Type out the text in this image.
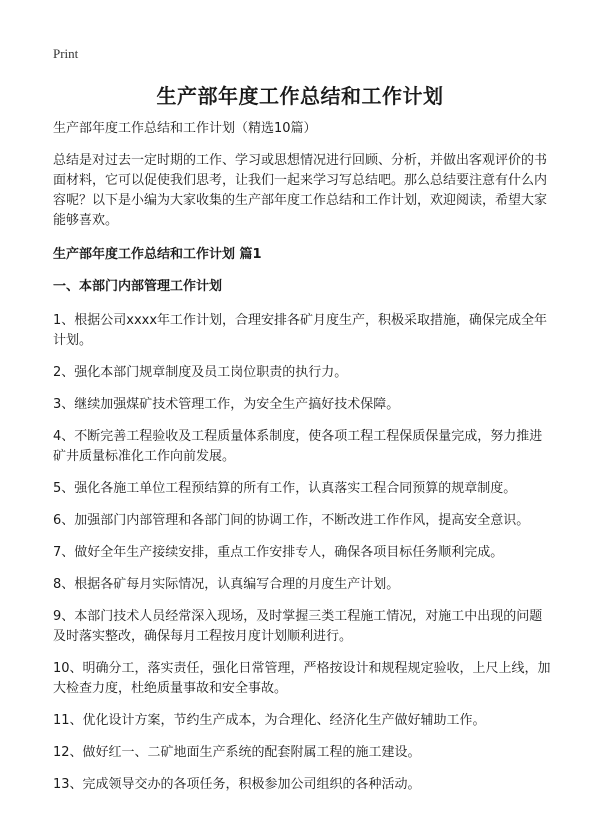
Print
生产部年度工作总结和工作计划

生产部年度工作总结和工作计划（精选10篇）

总结是对过去一定时期的工作、学习或思想情况进行回顾、分析，并做出客观评价的书面材料，它可以促使我们思考，让我们一起来学习写总结吧。那么总结要注意有什么内容呢？以下是小编为大家收集的生产部年度工作总结和工作计划，欢迎阅读，希望大家能够喜欢。

生产部年度工作总结和工作计划 篇1

一、本部门内部管理工作计划

1、根据公司xxxx年工作计划，合理安排各矿月度生产，积极采取措施，确保完成全年计划。

2、强化本部门规章制度及员工岗位职责的执行力。

3、继续加强煤矿技术管理工作，为安全生产搞好技术保障。

4、不断完善工程验收及工程质量体系制度，使各项工程工程保质保量完成，努力推进矿井质量标准化工作向前发展。

5、强化各施工单位工程预结算的所有工作，认真落实工程合同预算的规章制度。

6、加强部门内部管理和各部门间的协调工作，不断改进工作作风，提高安全意识。

7、做好全年生产接续安排，重点工作安排专人，确保各项目标任务顺利完成。

8、根据各矿每月实际情况，认真编写合理的月度生产计划。

9、本部门技术人员经常深入现场，及时掌握三类工程施工情况，对施工中出现的问题及时落实整改，确保每月工程按月度计划顺利进行。

10、明确分工，落实责任，强化日常管理，严格按设计和规程规定验收，上尺上线，加大检查力度，杜绝质量事故和安全事故。

11、优化设计方案，节约生产成本，为合理化、经济化生产做好辅助工作。

12、做好红一、二矿地面生产系统的配套附属工程的施工建设。

13、完成领导交办的各项任务，积极参加公司组织的各种活动。
